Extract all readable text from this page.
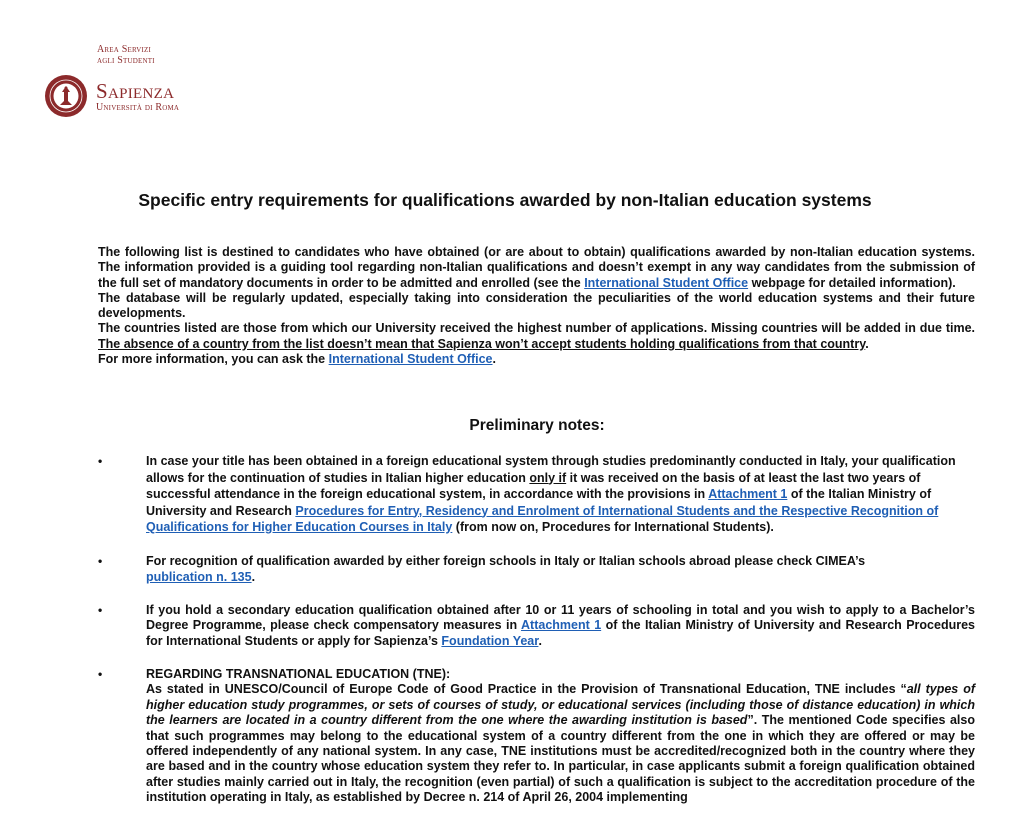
Area Servizi
agli Studenti
Sapienza
Università di Roma
Specific entry requirements for qualifications awarded by non-Italian education systems

The following list is destined to candidates who have obtained (or are about to obtain) qualifications awarded by non-Italian education systems. The information provided is a guiding tool regarding non-Italian qualifications and doesn’t exempt in any way candidates from the submission of the full set of mandatory documents in order to be admitted and enrolled (see the International Student Office webpage for detailed information).

The database will be regularly updated, especially taking into consideration the peculiarities of the world education systems and their future developments.

The countries listed are those from which our University received the highest number of applications. Missing countries will be added in due time. The absence of a country from the list doesn’t mean that Sapienza won’t accept students holding qualifications from that country.

For more information, you can ask the International Student Office.

Preliminary notes:
•	In case your title has been obtained in a foreign educational system through studies predominantly conducted in Italy, your qualification allows for the continuation of studies in Italian higher education only if it was received on the basis of at least the last two years of successful attendance in the foreign educational system, in accordance with the provisions in Attachment 1 of the Italian Ministry of University and Research Procedures for Entry, Residency and Enrolment of International Students and the Respective Recognition of Qualifications for Higher Education Courses in Italy (from now on, Procedures for International Students).

•	For recognition of qualification awarded by either foreign schools in Italy or Italian schools abroad please check CIMEA’s
publication n. 135.

•	If you hold a secondary education qualification obtained after 10 or 11 years of schooling in total and you wish to apply to a Bachelor’s Degree Programme, please check compensatory measures in Attachment 1 of the Italian Ministry of University and Research Procedures for International Students or apply for Sapienza’s Foundation Year.

•	REGARDING TRANSNATIONAL EDUCATION (TNE):

As stated in UNESCO/Council of Europe Code of Good Practice in the Provision of Transnational Education, TNE includes “all types of higher education study programmes, or sets of courses of study, or educational services (including those of distance education) in which the learners are located in a country different from the one where the awarding institution is based”. The mentioned Code specifies also that such programmes may belong to the educational system of a country different from the one in which they are offered or may be offered independently of any national system. In any case, TNE institutions must be accredited/recognized both in the country where they are based and in the country whose education system they refer to. In particular, in case applicants submit a foreign qualification obtained after studies mainly carried out in Italy, the recognition (even partial) of such a qualification is subject to the accreditation procedure of the institution operating in Italy, as established by Decree n. 214 of April 26, 2004 implementing
